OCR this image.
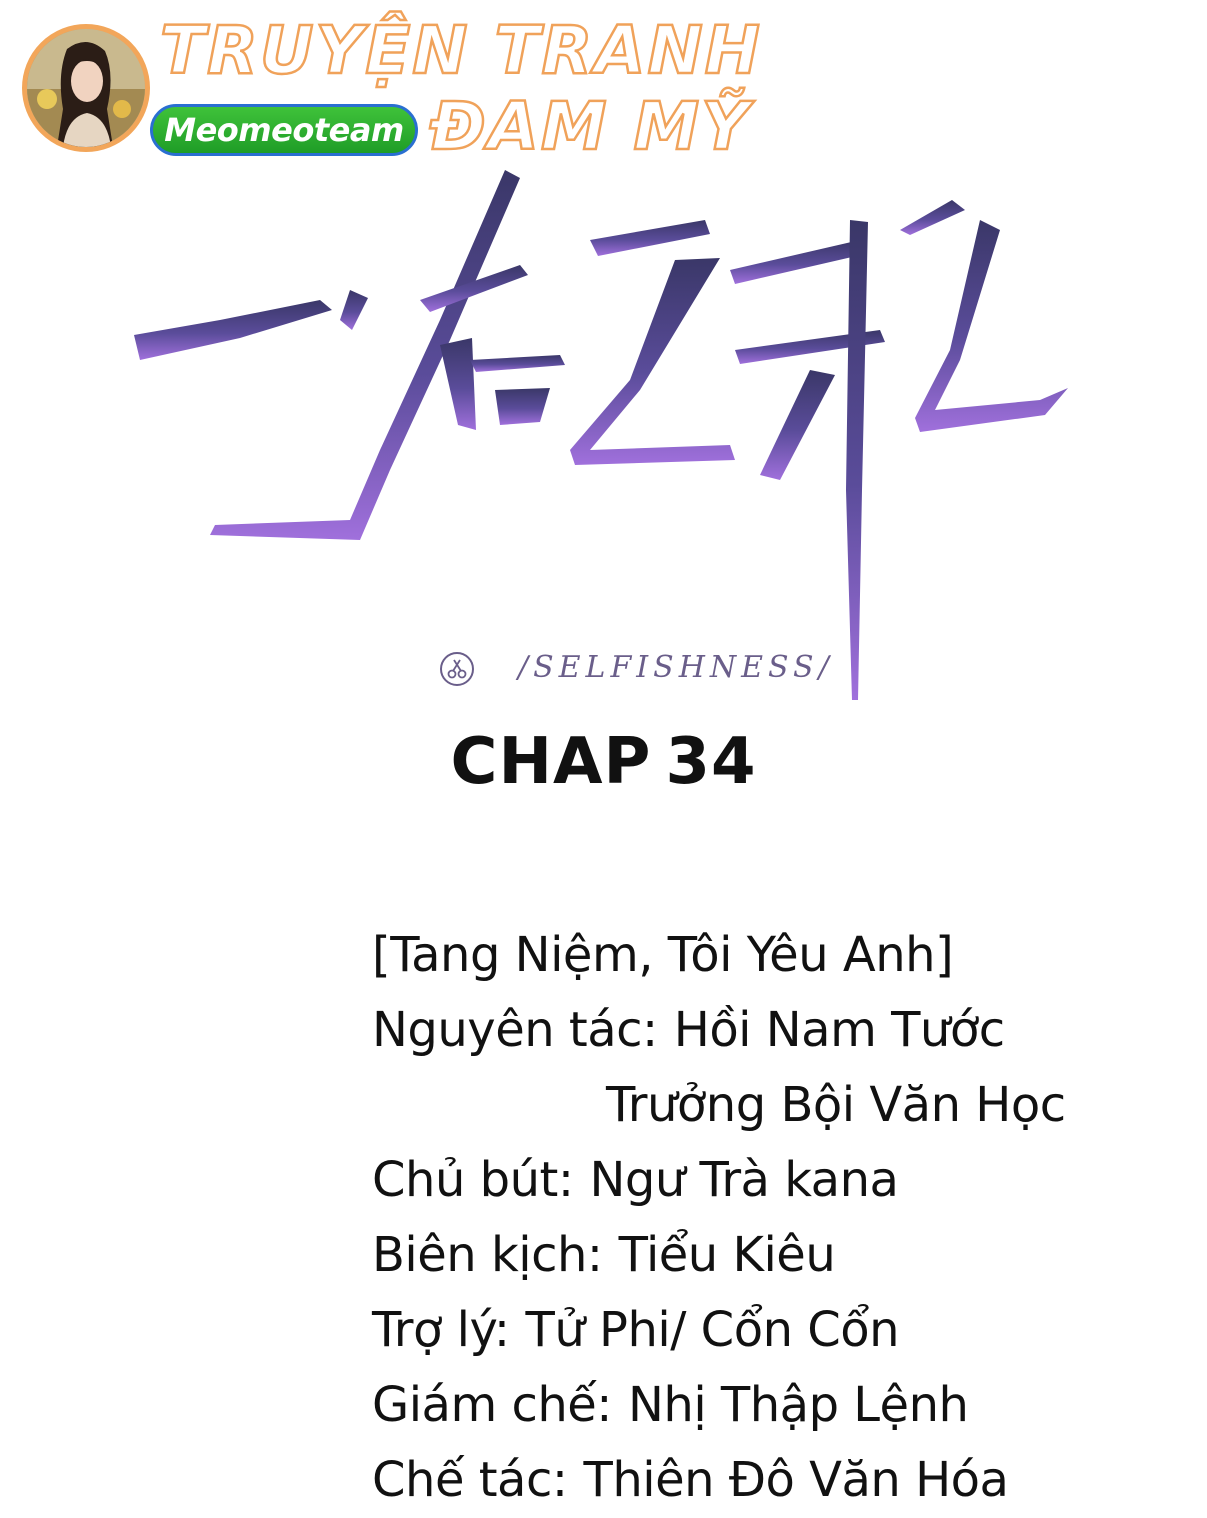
TRUYỆN TRANH
ĐAM MỸ
Meomeoteam
/SELFISHNESS/
CHAP 34
[Tang Niệm, Tôi Yêu Anh]
Nguyên tác: Hồi Nam Tước
Trưởng Bội Văn Học
Chủ bút: Ngư Trà kana
Biên kịch: Tiểu Kiêu
Trợ lý: Tử Phi/ Cổn Cổn
Giám chế: Nhị Thập Lệnh
Chế tác: Thiên Đô Văn Hóa
